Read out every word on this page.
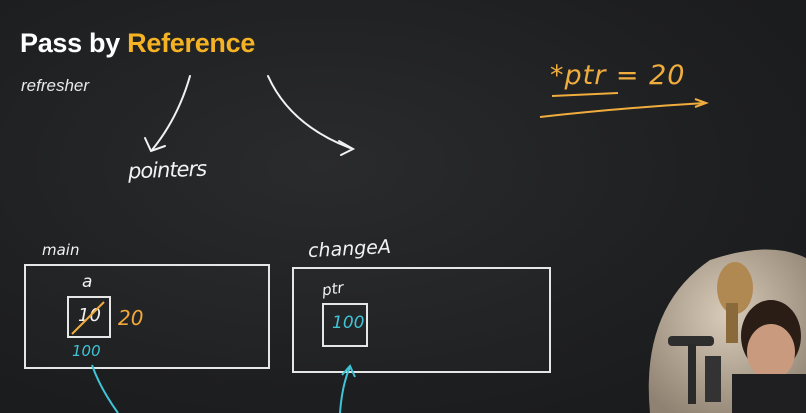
Pass by Reference
refresher
pointers
*ptr = 20
main
a
10 20
100
changeA
ptr
100
